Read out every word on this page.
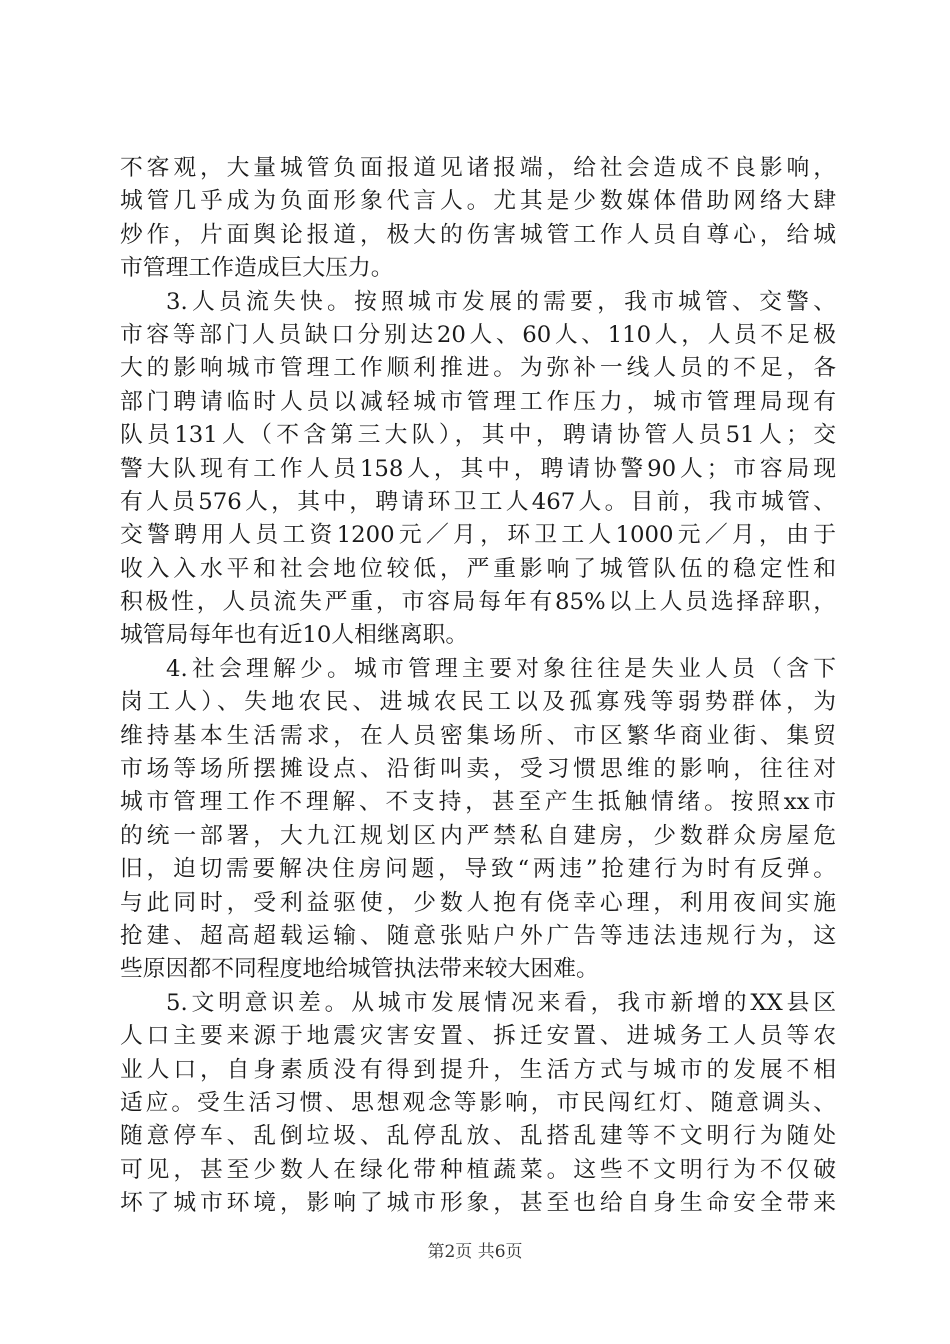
不客观，大量城管负面报道见诸报端，给社会造成不良影响，
城管几乎成为负面形象代言人。尤其是少数媒体借助网络大肆
炒作，片面舆论报道，极大的伤害城管工作人员自尊心，给城
市管理工作造成巨大压力。
3.人员流失快。按照城市发展的需要，我市城管、交警、
市容等部门人员缺口分别达20人、60人、110人，人员不足极
大的影响城市管理工作顺利推进。为弥补一线人员的不足，各
部门聘请临时人员以减轻城市管理工作压力，城市管理局现有
队员131人（不含第三大队），其中，聘请协管人员51人；交
警大队现有工作人员158人，其中，聘请协警90人；市容局现
有人员576人，其中，聘请环卫工人467人。目前，我市城管、
交警聘用人员工资1200元／月，环卫工人1000元／月，由于
收入入水平和社会地位较低，严重影响了城管队伍的稳定性和
积极性，人员流失严重，市容局每年有85%以上人员选择辞职，
城管局每年也有近10人相继离职。
4.社会理解少。城市管理主要对象往往是失业人员（含下
岗工人）、失地农民、进城农民工以及孤寡残等弱势群体，为
维持基本生活需求，在人员密集场所、市区繁华商业街、集贸
市场等场所摆摊设点、沿街叫卖，受习惯思维的影响，往往对
城市管理工作不理解、不支持，甚至产生抵触情绪。按照xx市
的统一部署，大九江规划区内严禁私自建房，少数群众房屋危
旧，迫切需要解决住房问题，导致“两违”抢建行为时有反弹。
与此同时，受利益驱使，少数人抱有侥幸心理，利用夜间实施
抢建、超高超载运输、随意张贴户外广告等违法违规行为，这
些原因都不同程度地给城管执法带来较大困难。
5.文明意识差。从城市发展情况来看，我市新增的XX县区
人口主要来源于地震灾害安置、拆迁安置、进城务工人员等农
业人口，自身素质没有得到提升，生活方式与城市的发展不相
适应。受生活习惯、思想观念等影响，市民闯红灯、随意调头、
随意停车、乱倒垃圾、乱停乱放、乱搭乱建等不文明行为随处
可见，甚至少数人在绿化带种植蔬菜。这些不文明行为不仅破
坏了城市环境，影响了城市形象，甚至也给自身生命安全带来
第2页 共6页
